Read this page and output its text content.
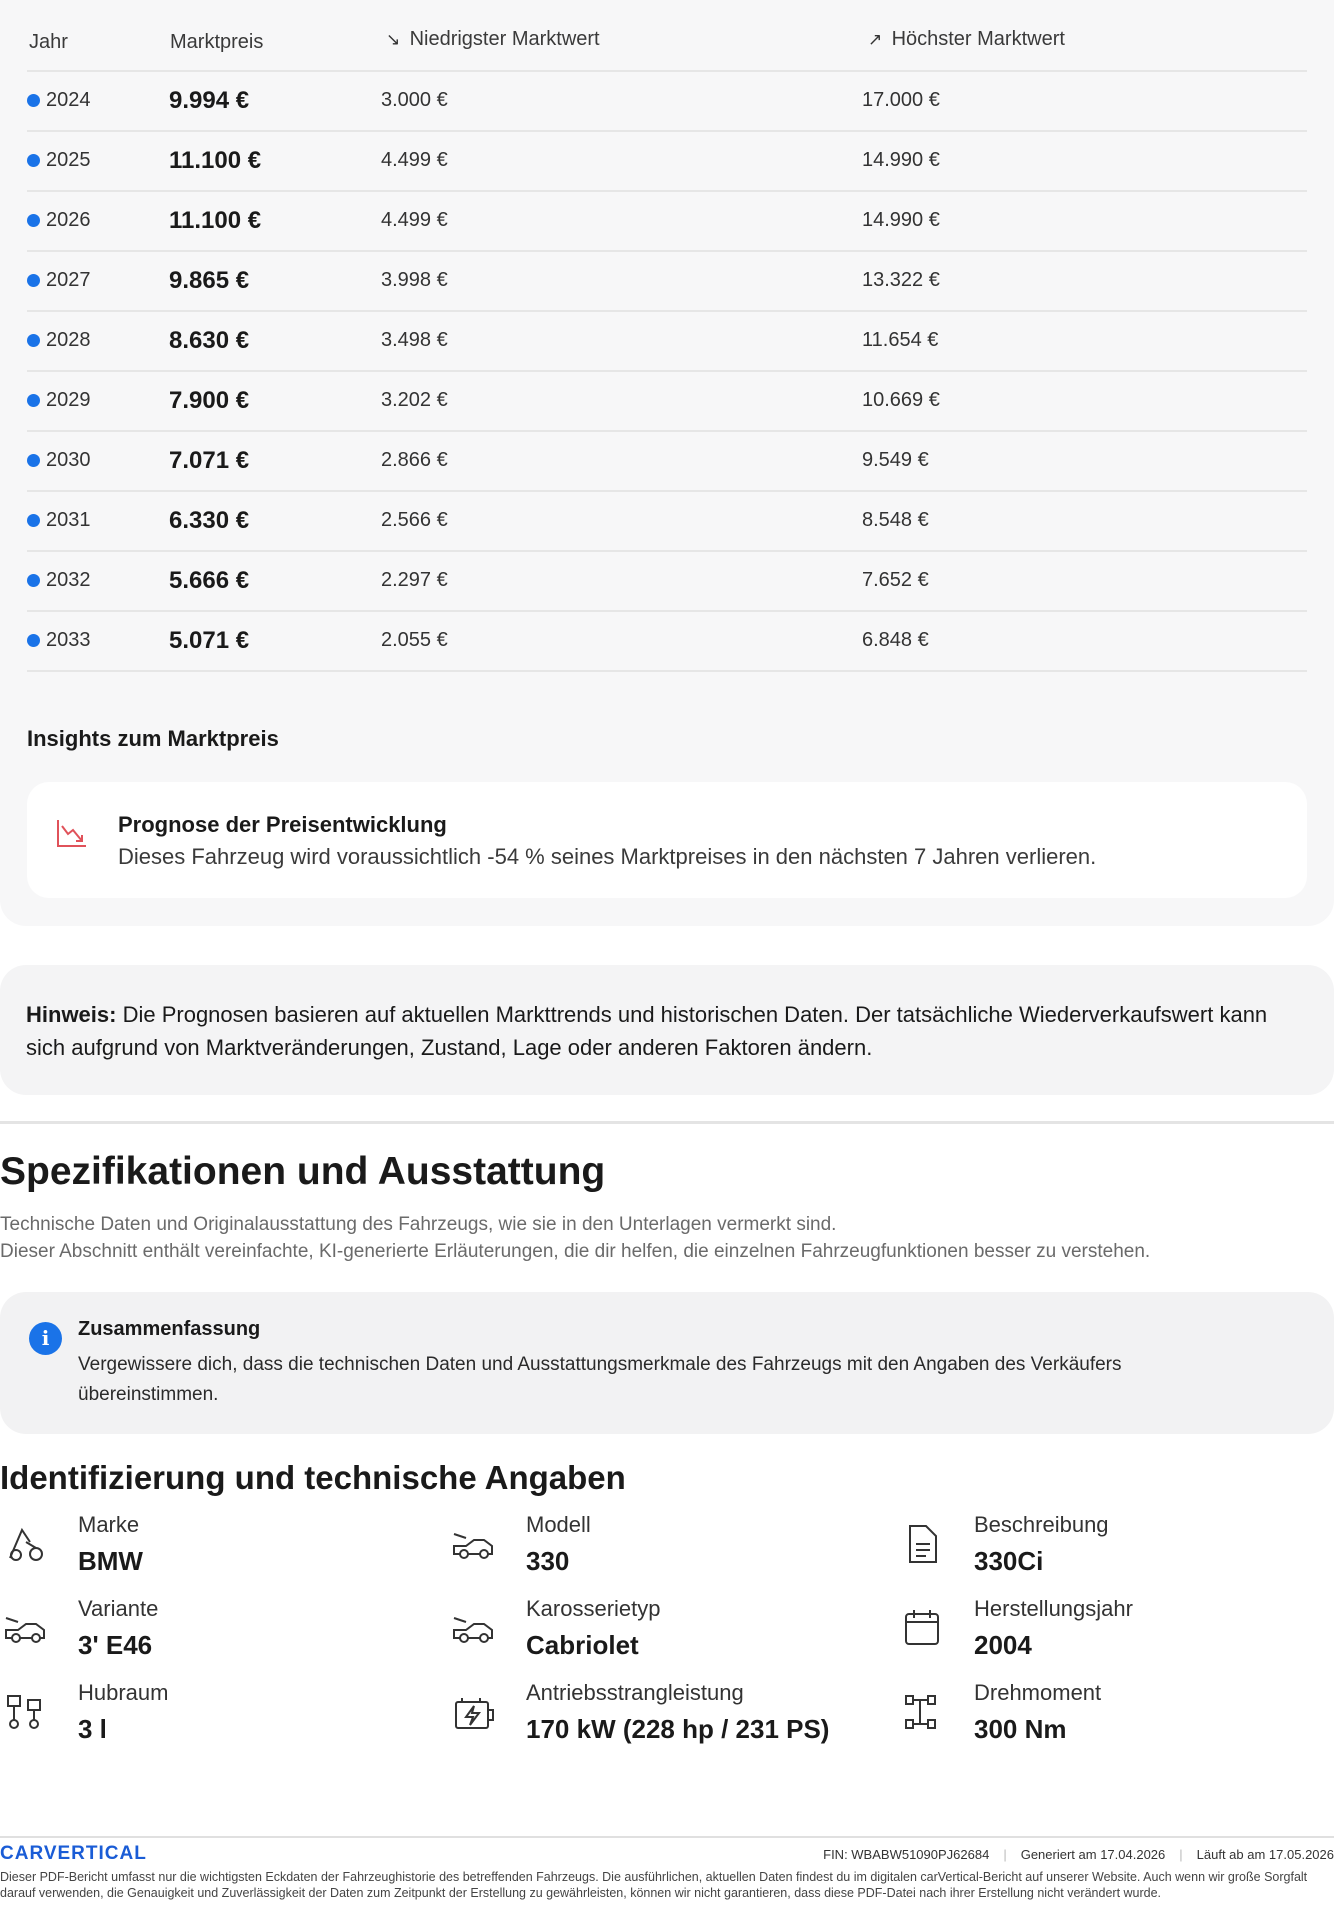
Jahr	Marktpreis	↘ Niedrigster Marktwert	↗ Höchster Marktwert
2024	9.994 €	3.000 €	17.000 €
2025	11.100 €	4.499 €	14.990 €
2026	11.100 €	4.499 €	14.990 €
2027	9.865 €	3.998 €	13.322 €
2028	8.630 €	3.498 €	11.654 €
2029	7.900 €	3.202 €	10.669 €
2030	7.071 €	2.866 €	9.549 €
2031	6.330 €	2.566 €	8.548 €
2032	5.666 €	2.297 €	7.652 €
2033	5.071 €	2.055 €	6.848 €
Insights zum Marktpreis
Prognose der Preisentwicklung
Dieses Fahrzeug wird voraussichtlich -54 % seines Marktpreises in den nächsten 7 Jahren verlieren.
Hinweis: Die Prognosen basieren auf aktuellen Markttrends und historischen Daten. Der tatsächliche Wiederverkaufswert kann sich aufgrund von Marktveränderungen, Zustand, Lage oder anderen Faktoren ändern.
Spezifikationen und Ausstattung
Technische Daten und Originalausstattung des Fahrzeugs, wie sie in den Unterlagen vermerkt sind.
Dieser Abschnitt enthält vereinfachte, KI-generierte Erläuterungen, die dir helfen, die einzelnen Fahrzeugfunktionen besser zu verstehen.
i	Zusammenfassung
Vergewissere dich, dass die technischen Daten und Ausstattungsmerkmale des Fahrzeugs mit den Angaben des Verkäufers übereinstimmen.
Identifizierung und technische Angaben
Marke
BMW
Modell
330
Beschreibung
330Ci
Variante
3' E46
Karosserietyp
Cabriolet
Herstellungsjahr
2004
Hubraum
3 l
Antriebsstrangleistung
170 kW (228 hp / 231 PS)
Drehmoment
300 Nm
CARVERTICAL	FIN: WBABW51090PJ62684 | Generiert am 17.04.2026 | Läuft ab am 17.05.2026
Dieser PDF-Bericht umfasst nur die wichtigsten Eckdaten der Fahrzeughistorie des betreffenden Fahrzeugs. Die ausführlichen, aktuellen Daten findest du im digitalen carVertical-Bericht auf unserer Website. Auch wenn wir große Sorgfalt darauf verwenden, die Genauigkeit und Zuverlässigkeit der Daten zum Zeitpunkt der Erstellung zu gewährleisten, können wir nicht garantieren, dass diese PDF-Datei nach ihrer Erstellung nicht verändert wurde.
